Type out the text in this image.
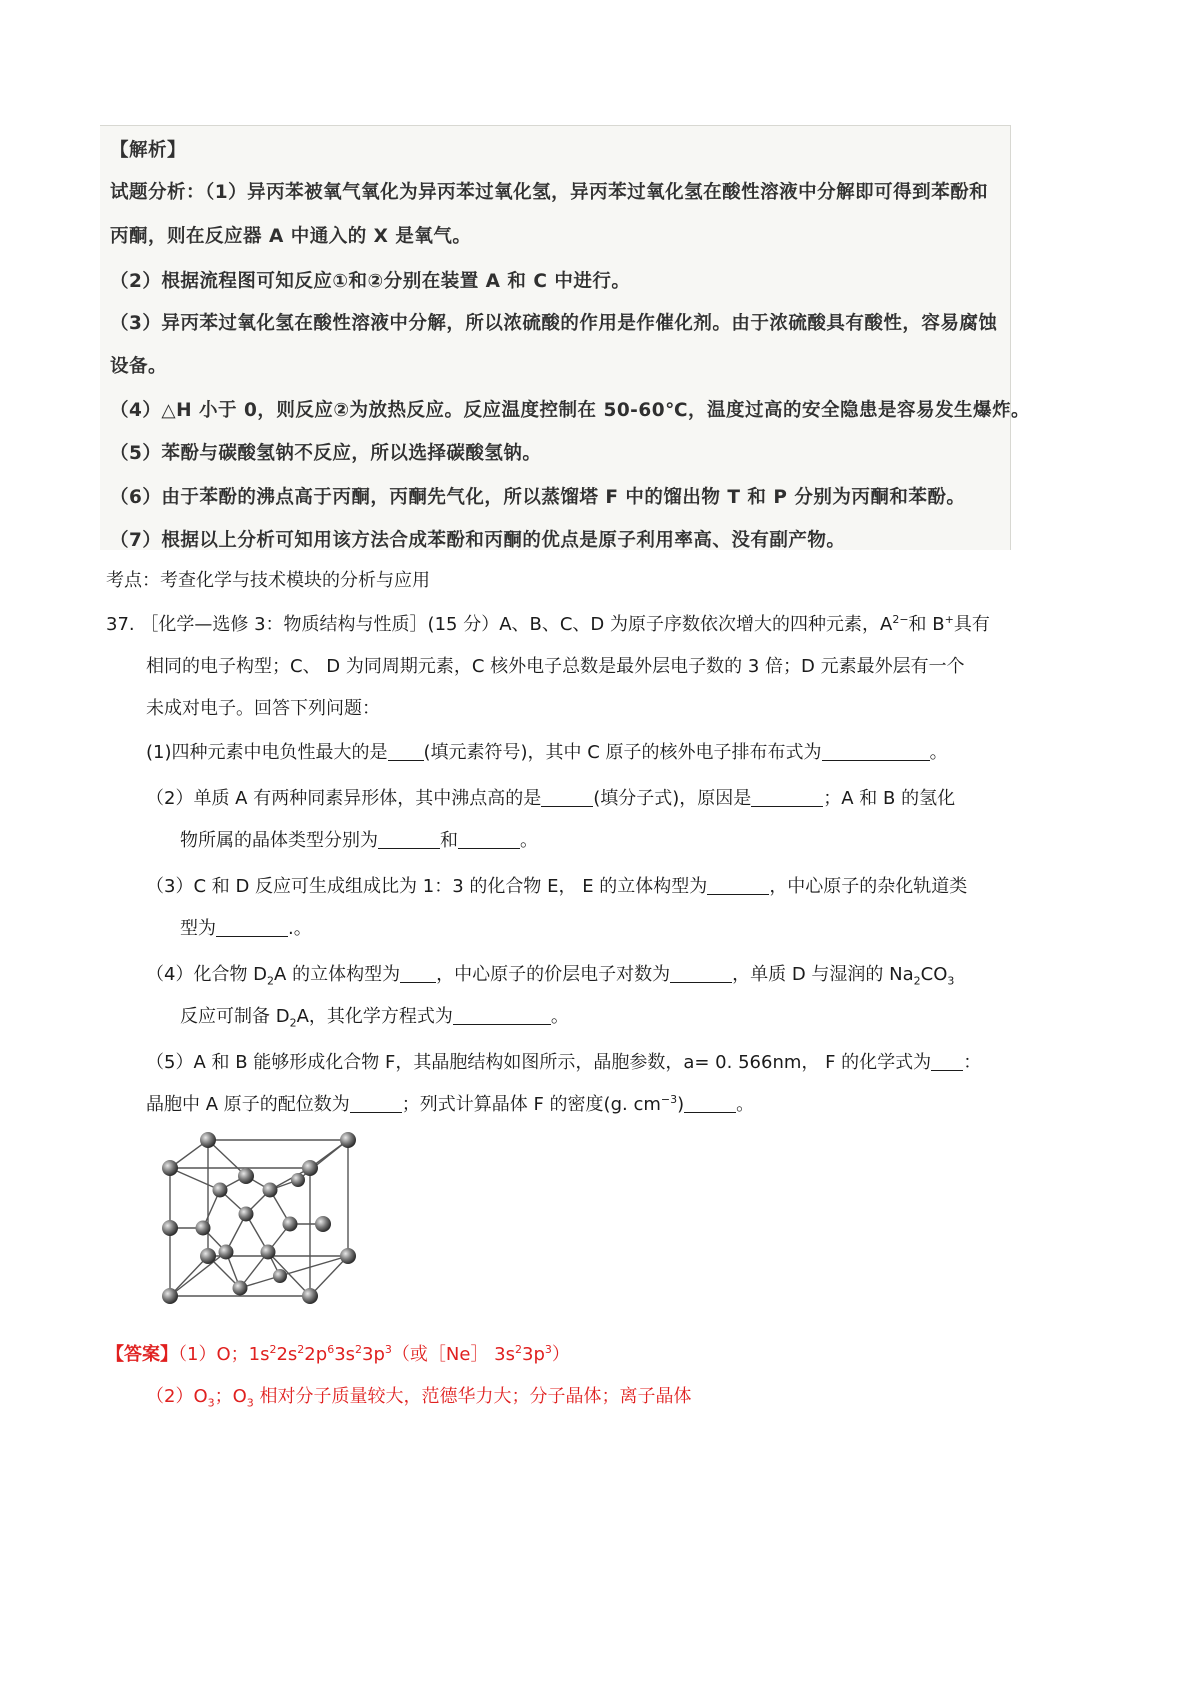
【解析】
试题分析：（1）异丙苯被氧气氧化为异丙苯过氧化氢，异丙苯过氧化氢在酸性溶液中分解即可得到苯酚和
丙酮，则在反应器 A 中通入的 X 是氧气。
（2）根据流程图可知反应①和②分别在装置 A 和 C 中进行。
（3）异丙苯过氧化氢在酸性溶液中分解，所以浓硫酸的作用是作催化剂。由于浓硫酸具有酸性，容易腐蚀
设备。
（4）△H 小于 0，则反应②为放热反应。反应温度控制在 50-60℃，温度过高的安全隐患是容易发生爆炸。
（5）苯酚与碳酸氢钠不反应，所以选择碳酸氢钠。
（6）由于苯酚的沸点高于丙酮，丙酮先气化，所以蒸馏塔 F 中的馏出物 T 和 P 分别为丙酮和苯酚。
（7）根据以上分析可知用该方法合成苯酚和丙酮的优点是原子利用率高、没有副产物。
考点：考查化学与技术模块的分析与应用
37. ［化学—选修 3：物质结构与性质］(15 分）A、B、C、D 为原子序数依次增大的四种元素，$A^{2-}$和 B+具有
相同的电子构型；C、 D 为同周期元素，C 核外电子总数是最外层电子数的 3 倍；D 元素最外层有一个
未成对电子。回答下列问题：
(1)四种元素中电负性最大的是 (填元素符号)，其中 C 原子的核外电子排布布式为	。
（2）单质 A 有两种同素异形体，其中沸点高的是	(填分子式)，原因是	；A 和 B 的氢化
物所属的晶体类型分别为	和	。
（3）C 和 D 反应可生成组成比为 1：3 的化合物 E， E 的立体构型为	，中心原子的杂化轨道类
型为	.。
（4）化合物 $D_2A$ 的立体构型为 ，中心原子的价层电子对数为	，单质 D 与湿润的 $Na_2CO_3$
反应可制备 $D_2A$，其化学方程式为	。
（5）A 和 B 能够形成化合物 F，其晶胞结构如图所示，晶胞参数，a= 0. 566nm， F 的化学式为 ：
晶胞中 A 原子的配位数为	；列式计算晶体 F 的密度(g. $cm^{-3}$)	。
【答案】（1）O；$1s^22s^22p^63s^23p^3$（或［Ne］ $3s^23p^3$）
$(2)O_3$；$O_3$ 相对分子质量较大，范德华力大；分子晶体；离子晶体
